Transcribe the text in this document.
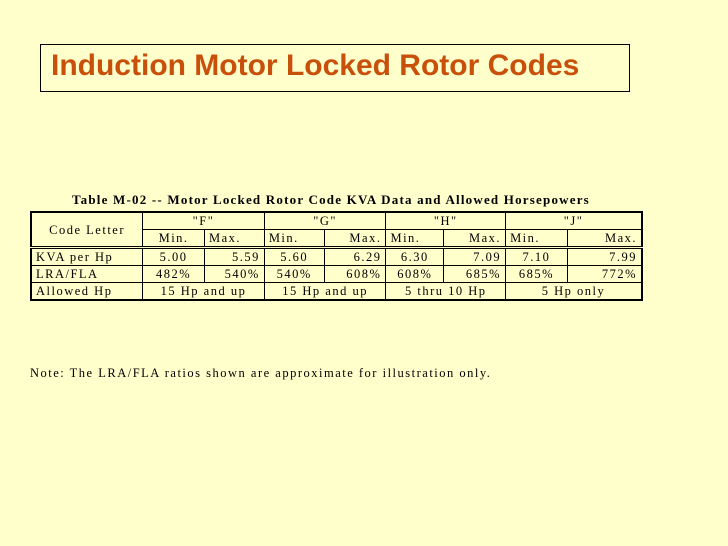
Induction Motor Locked Rotor Codes
Table M-02 -- Motor Locked Rotor Code KVA Data and Allowed Horsepowers
Code Letter	"F"		"G"		"H"		"J"	
	Min.	Max.	Min.	Max.	Min.	Max.	Min.	Max.
KVA per Hp	5.00	5.59	5.60	6.29	6.30	7.09	7.10	7.99
LRA/FLA	482%	540%	540%	608%	608%	685%	685%	772%
Allowed Hp	15 Hp and up		15 Hp and up		5 thru 10 Hp		5 Hp only	
Note: The LRA/FLA ratios shown are approximate for illustration only.
